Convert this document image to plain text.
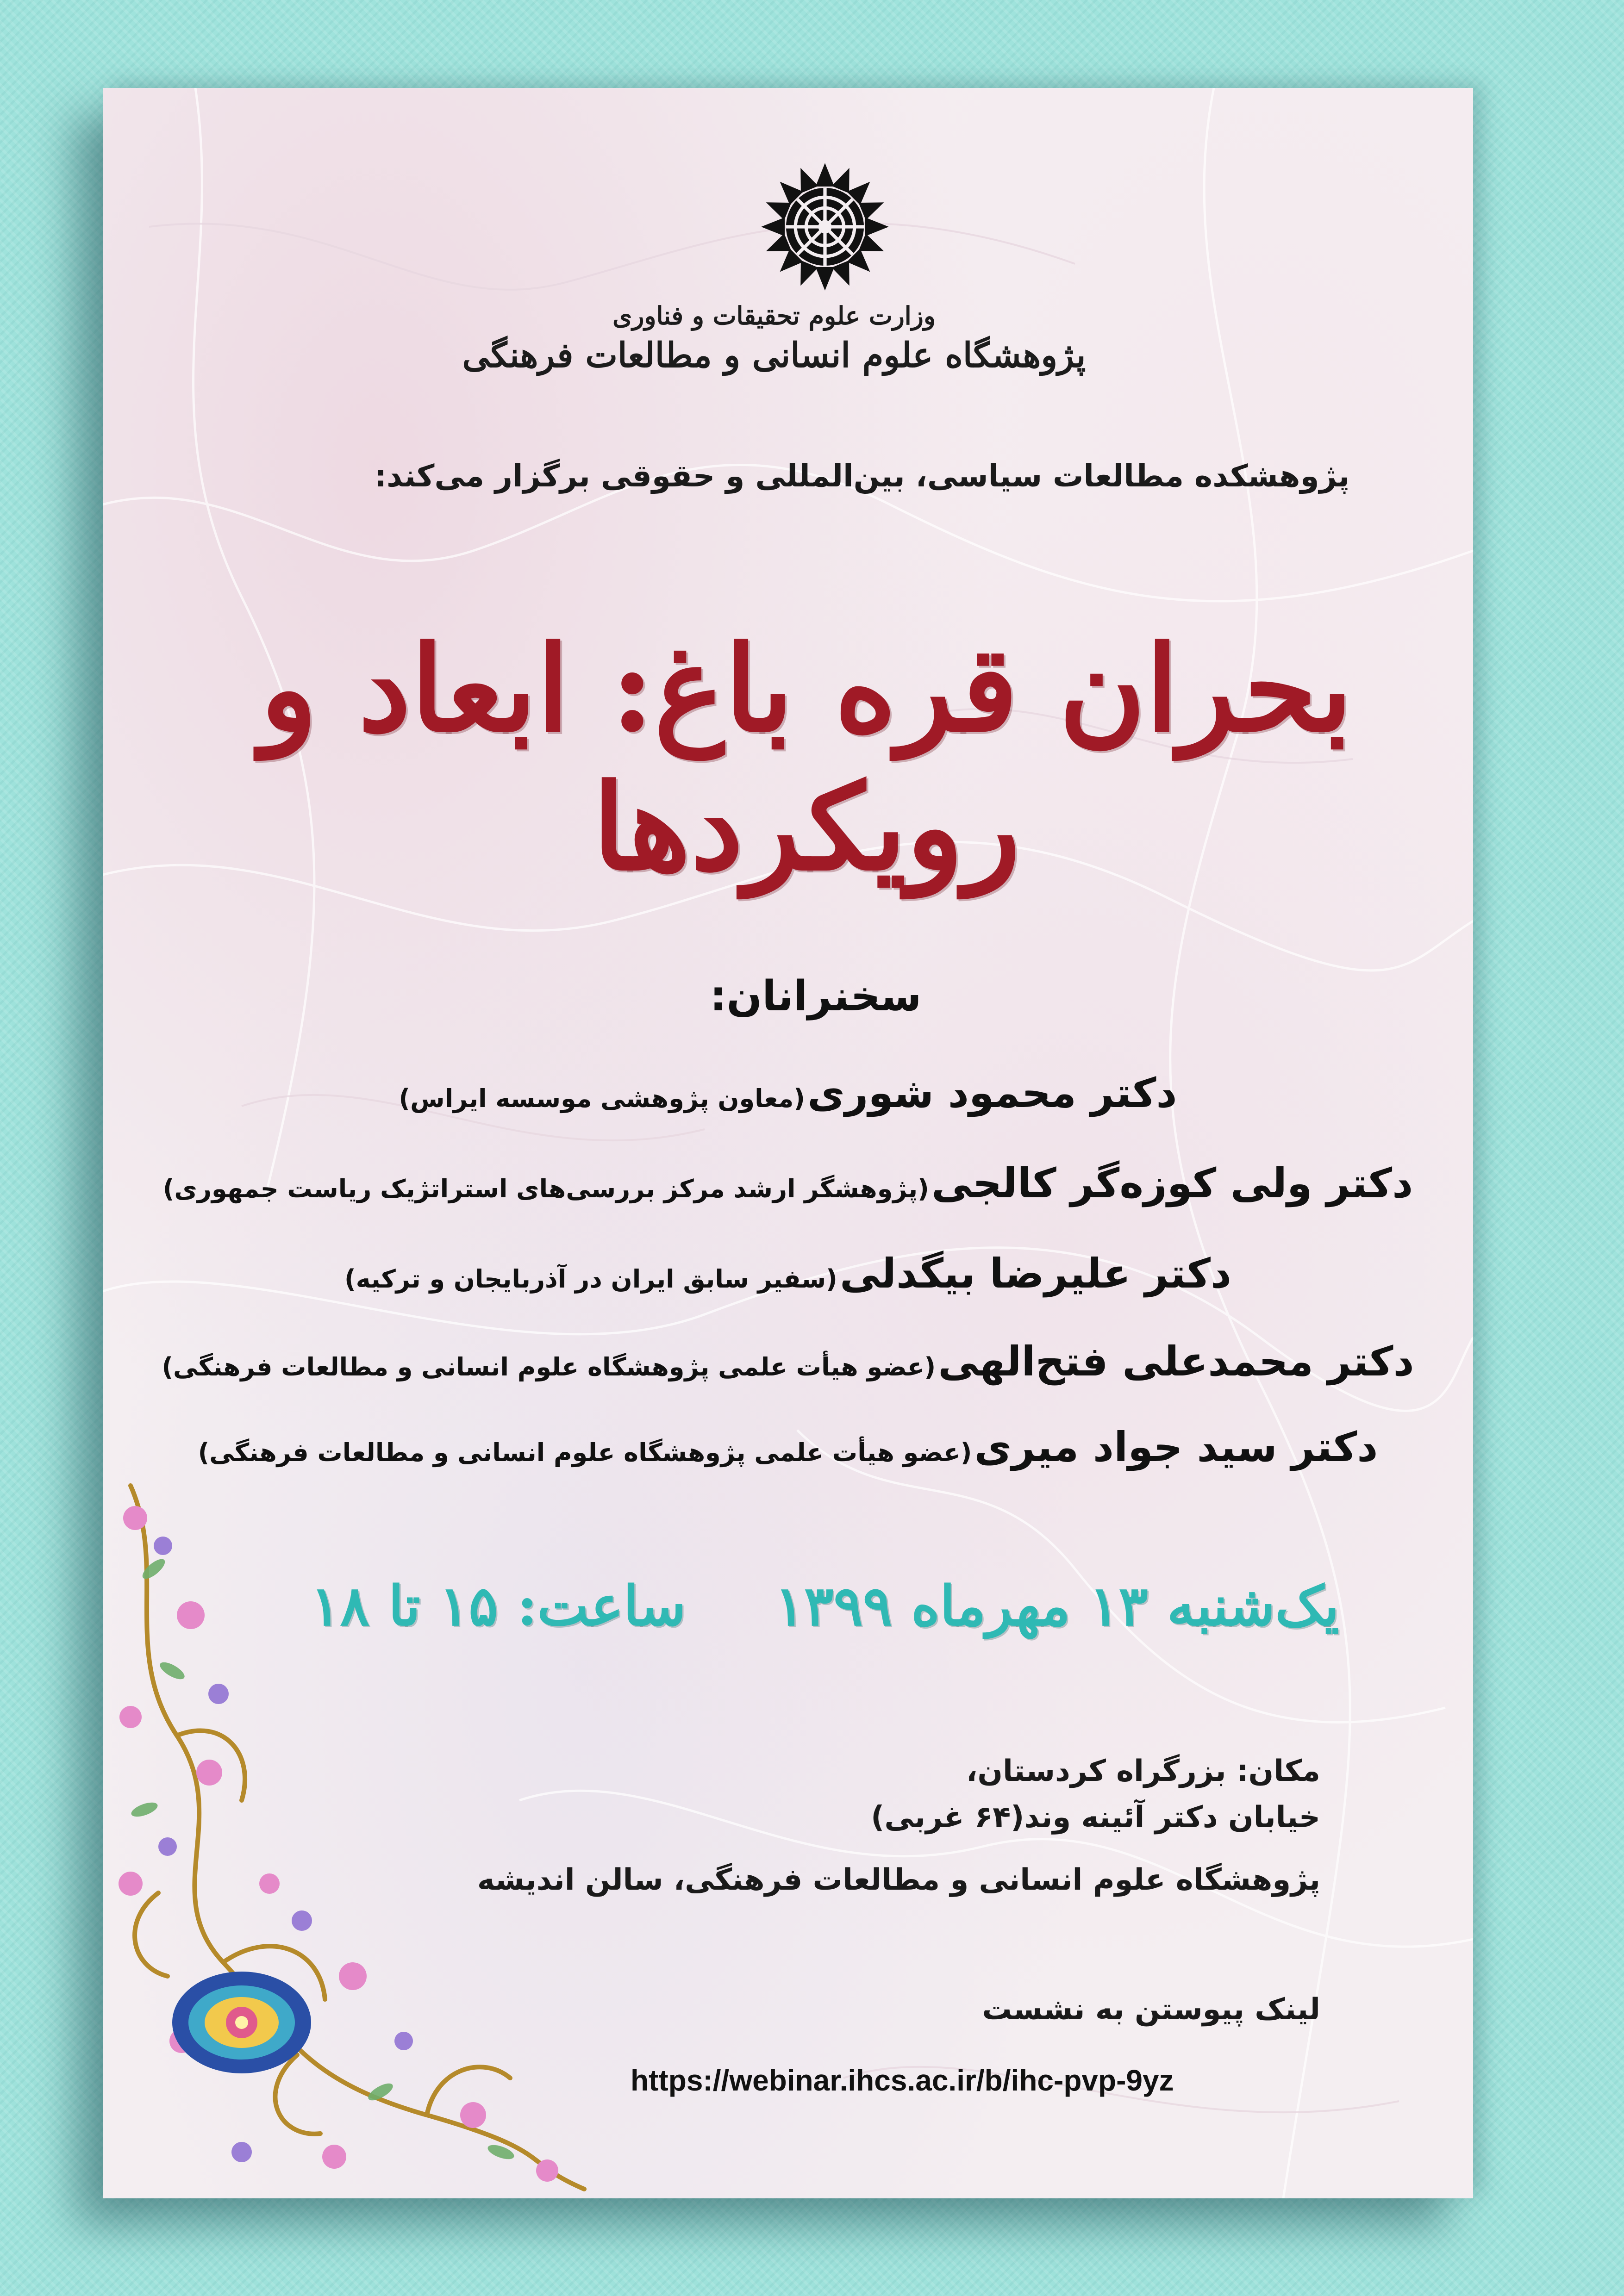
وزارت علوم تحقیقات و فناوری
پژوهشگاه علوم انسانی و مطالعات فرهنگی
پژوهشکده مطالعات سیاسی، بین‌المللی و حقوقی برگزار می‌کند:
بحران قره باغ: ابعاد و رویکردها
سخنرانان:
دکتر محمود شوری (معاون پژوهشی موسسه ایراس)
دکتر ولی کوزه‌گر کالجی (پژوهشگر ارشد مرکز بررسی‌های استراتژیک ریاست جمهوری)
دکتر علیرضا بیگدلی (سفیر سابق ایران در آذربایجان و ترکیه)
دکتر محمدعلی فتح‌الهی (عضو هیأت علمی پژوهشگاه علوم انسانی و مطالعات فرهنگی)
دکتر سید جواد میری (عضو هیأت علمی پژوهشگاه علوم انسانی و مطالعات فرهنگی)
یک‌شنبه ۱۳ مهرماه ۱۳۹۹  ساعت: ۱۵ تا ۱۸
مکان: بزرگراه کردستان،
خیابان دکتر آئینه وند(۶۴ غربی)
پژوهشگاه علوم انسانی و مطالعات فرهنگی، سالن اندیشه
لینک پیوستن به نشست
https://webinar.ihcs.ac.ir/b/ihc-pvp-9yz
